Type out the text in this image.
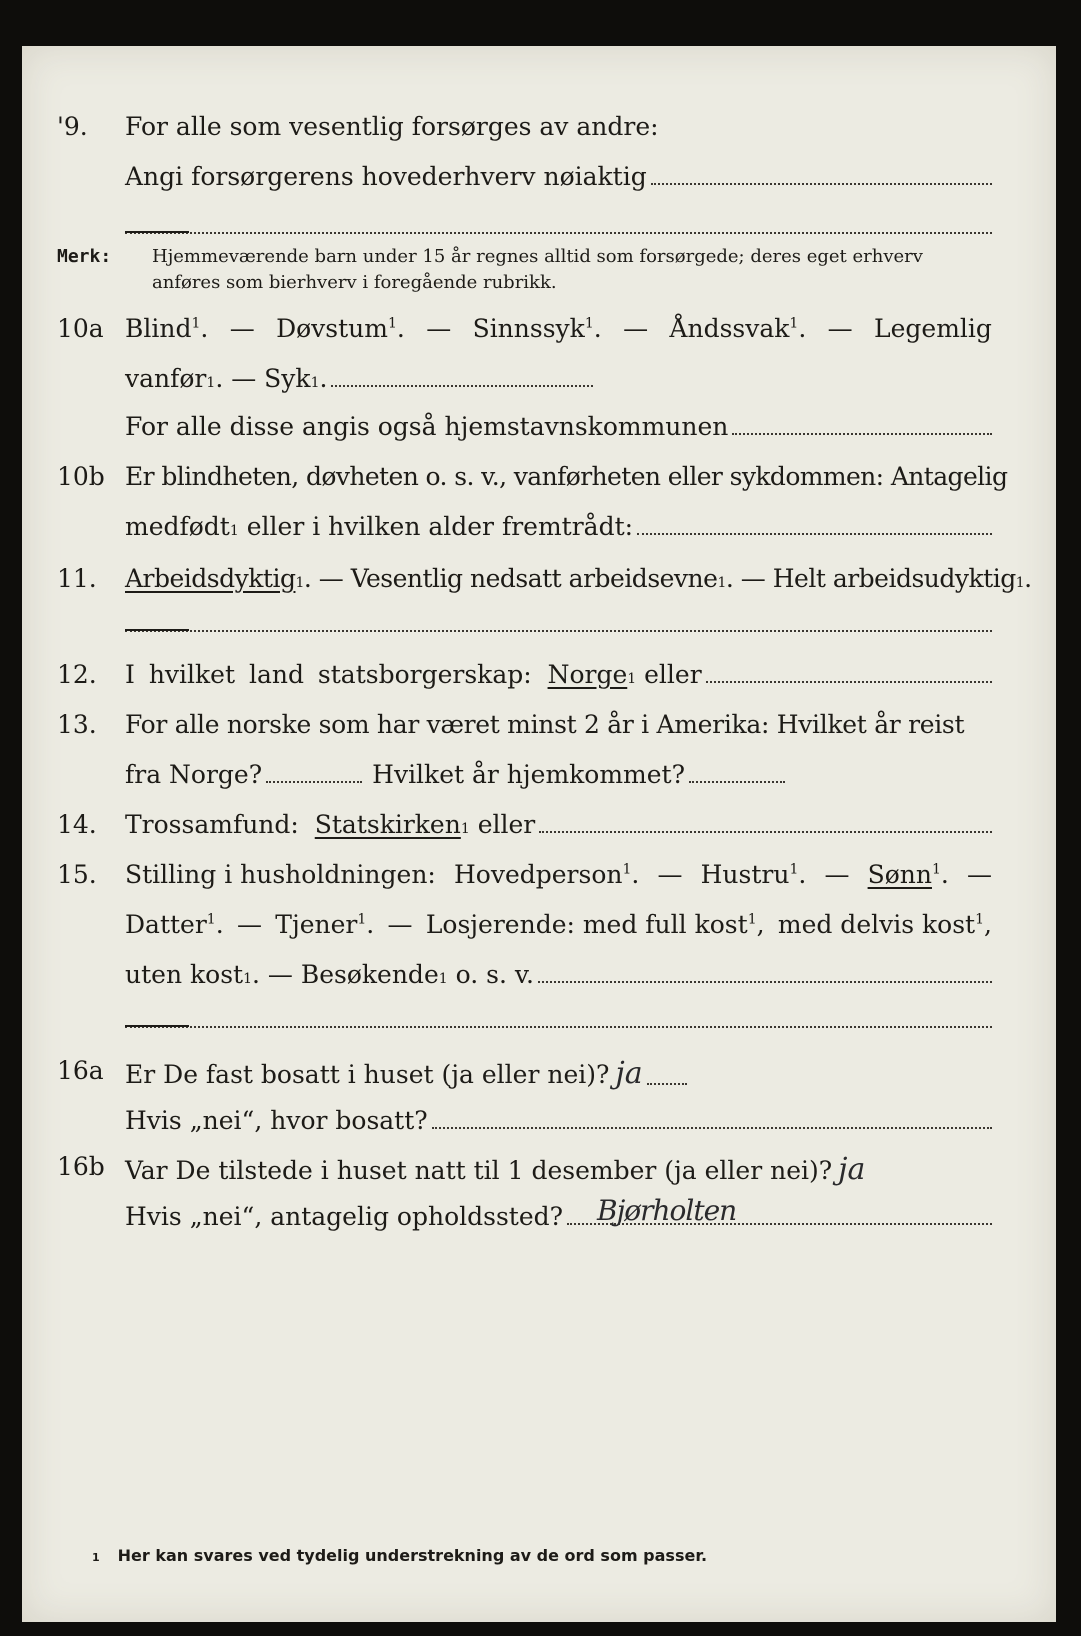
'9.	For alle som vesentlig forsørges av andre:
Angi forsørgerens hovederhverv nøiaktig
Merk: Hjemmeværende barn under 15 år regnes alltid som forsørgede; deres eget erhverv anføres som bierhverv i foregående rubrikk.
10a Blind$^1$. — Døvstum$^1$. — Sinnssyk$^1$. — Åndssvak$^1$. — Legemlig
vanfør 1 . — Syk 1 .
For alle disse angis også hjemstavnskommunen
10b Er blindheten, døvheten o. s. v., vanførheten eller sykdommen: Antagelig
medfødt 1
eller i hvilken alder fremtrådt:
11.	Arbeidsdyktig 1 . — Vesentlig nedsatt arbeidsevne 1 . — Helt arbeidsudyktig 1 .
12.	I hvilket land statsborgerskap:
Norge 1
eller
13.	For alle norske som har været minst 2 år i Amerika: Hvilket år reist
fra Norge?	Hvilket år hjemkommet?
14.	Trossamfund:
Statskirken 1
eller
15.	Stilling i husholdningen: Hovedperson$^1$. — Hustru$^1$. — Sønn$^1$. —
Datter$^1$. — Tjener$^1$. — Losjerende: med full kost$^1$, med delvis kost$^1$,
uten kost 1 . — Besøkende 1
o. s. v.
16a Er De fast bosatt i huset (ja eller nei)? ja
Hvis „nei“, hvor bosatt?
16b Var De tilstede i huset natt til 1 desember (ja eller nei)? ja
Hvis „nei“, antagelig opholdssted? Bjørholten
1 Her kan svares ved tydelig understrekning av de ord som passer.
